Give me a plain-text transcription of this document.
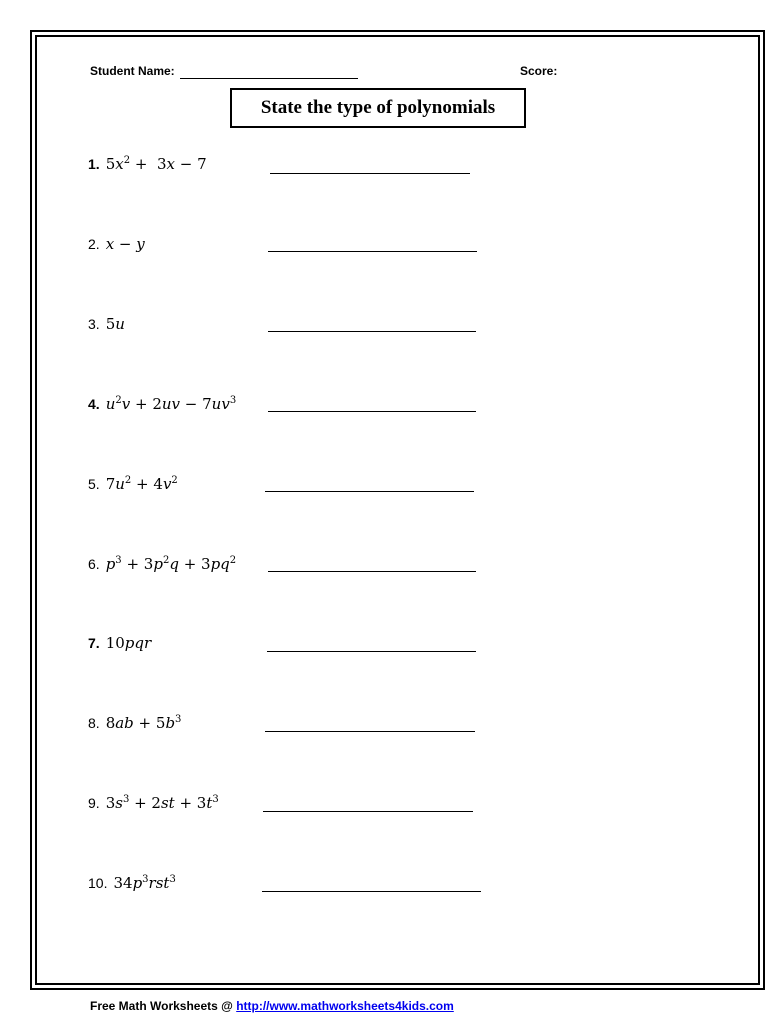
Student Name:	Score:
State the type of polynomials
1. $5x^2 + 3x - 7$
2. x − y
3. 5u
4. $u^2v + 2uv - 7uv^3$
5. $7u^2 + 4v^2$
6. $p^3 + 3p^2q + 3pq^2$
7. 10pqr
8. $8ab + 5b^3$
9. $3s^3 + 2st + 3t^3$
10. $34p^3rst^3$
Free Math Worksheets @ http://www.mathworksheets4kids.com
